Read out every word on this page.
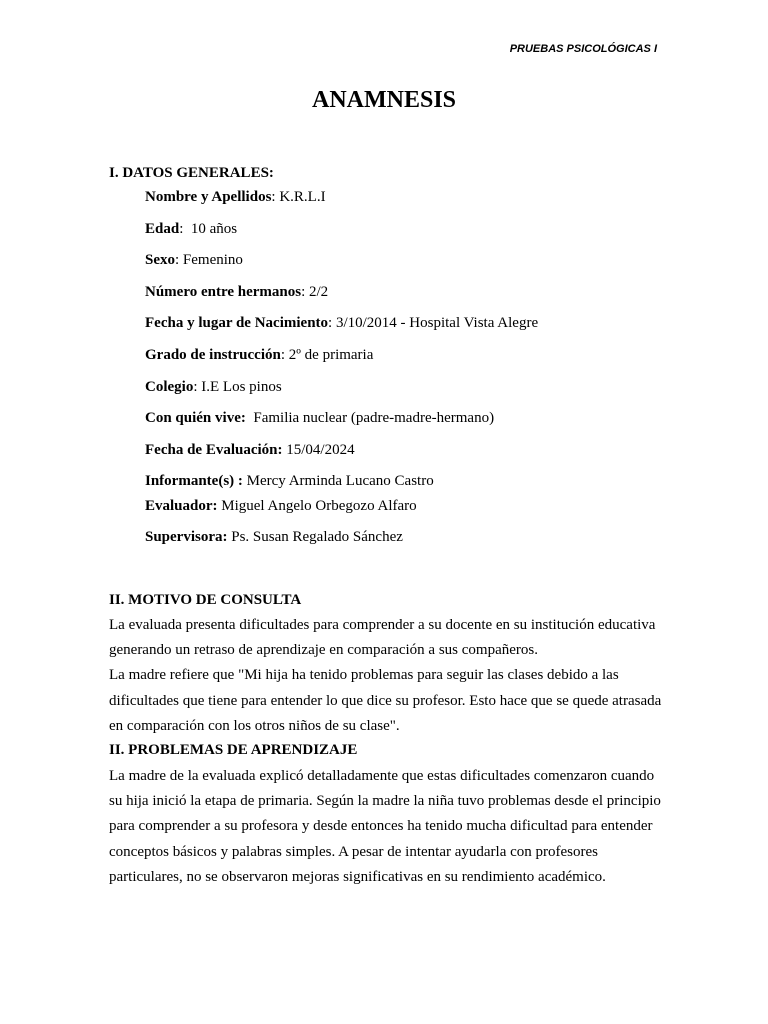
PRUEBAS PSICOLÓGICAS I
ANAMNESIS
I. DATOS GENERALES:
Nombre y Apellidos: K.R.L.I
Edad:  10 años
Sexo: Femenino
Número entre hermanos: 2/2
Fecha y lugar de Nacimiento: 3/10/2014 - Hospital Vista Alegre
Grado de instrucción: 2º de primaria
Colegio: I.E Los pinos
Con quién vive: Familia nuclear (padre-madre-hermano)
Fecha de Evaluación: 15/04/2024
Informante(s) : Mercy Arminda Lucano Castro
Evaluador: Miguel Angelo Orbegozo Alfaro
Supervisora: Ps. Susan Regalado Sánchez
II. MOTIVO DE CONSULTA

La evaluada presenta dificultades para comprender a su docente en su institución educativa generando un retraso de aprendizaje en comparación a sus compañeros.

La madre refiere que "Mi hija ha tenido problemas para seguir las clases debido a las dificultades que tiene para entender lo que dice su profesor. Esto hace que se quede atrasada en comparación con los otros niños de su clase".

II. PROBLEMAS DE APRENDIZAJE

La madre de la evaluada explicó detalladamente que estas dificultades comenzaron cuando su hija inició la etapa de primaria. Según la madre la niña tuvo problemas desde el principio para comprender a su profesora y desde entonces ha tenido mucha dificultad para entender conceptos básicos y palabras simples. A pesar de intentar ayudarla con profesores particulares, no se observaron mejoras significativas en su rendimiento académico.
